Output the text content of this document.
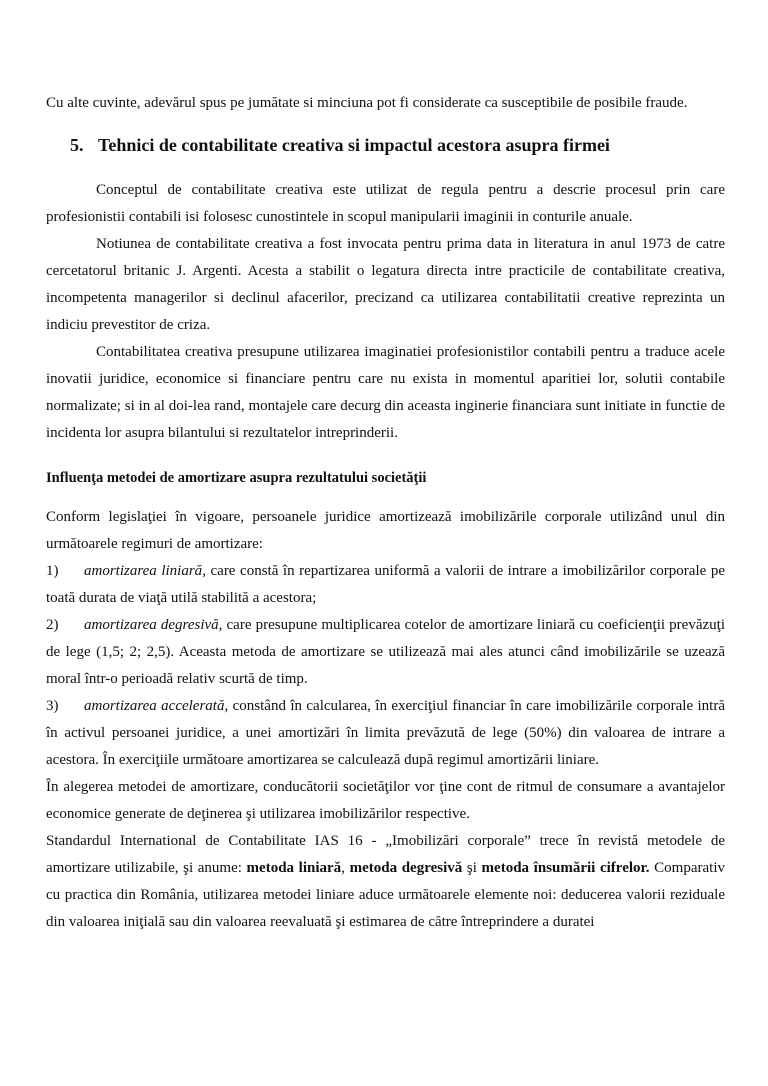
Cu alte cuvinte, adevărul spus pe jumătate si minciuna pot fi considerate ca susceptibile de posibile fraude.

5. Tehnici de contabilitate creativa si impactul acestora asupra firmei

Conceptul de contabilitate creativa este utilizat de regula pentru a descrie procesul prin care profesionistii contabili isi folosesc cunostintele in scopul manipularii imaginii in conturile anuale.

Notiunea de contabilitate creativa a fost invocata pentru prima data in literatura in anul 1973 de catre cercetatorul britanic J. Argenti. Acesta a stabilit o legatura directa intre practicile de contabilitate creativa, incompetenta managerilor si declinul afacerilor, precizand ca utilizarea contabilitatii creative reprezinta un indiciu prevestitor de criza.

Contabilitatea creativa presupune utilizarea imaginatiei profesionistilor contabili pentru a traduce acele inovatii juridice, economice si financiare pentru care nu exista in momentul aparitiei lor, solutii contabile normalizate; si in al doi-lea rand, montajele care decurg din aceasta inginerie financiara sunt initiate in functie de incidenta lor asupra bilantului si rezultatelor intreprinderii.

Influenţa metodei de amortizare asupra rezultatului societăţii

Conform legislaţiei în vigoare, persoanele juridice amortizează imobilizările corporale utilizând unul din următoarele regimuri de amortizare:

1) amortizarea liniară, care constă în repartizarea uniformă a valorii de intrare a imobilizărilor corporale pe toată durata de viaţă utilă stabilită a acestora;

2) amortizarea degresivă, care presupune multiplicarea cotelor de amortizare liniară cu coeficienţii prevăzuţi de lege (1,5; 2; 2,5). Aceasta metoda de amortizare se utilizează mai ales atunci când imobilizările se uzează moral într-o perioadă relativ scurtă de timp.

3) amortizarea accelerată, constând în calcularea, în exerciţiul financiar în care imobilizările corporale intră în activul persoanei juridice, a unei amortizări în limita prevăzută de lege (50%) din valoarea de intrare a acestora. În exerciţiile următoare amortizarea se calculează după regimul amortizării liniare.

În alegerea metodei de amortizare, conducătorii societăţilor vor ţine cont de ritmul de consumare a avantajelor economice generate de deţinerea şi utilizarea imobilizărilor respective.

Standardul International de Contabilitate IAS 16 - „Imobilizări corporale” trece în revistă metodele de amortizare utilizabile, şi anume: metoda liniară, metoda degresivă şi metoda însumării cifrelor. Comparativ cu practica din România, utilizarea metodei liniare aduce următoarele elemente noi: deducerea valorii reziduale din valoarea iniţială sau din valoarea reevaluată şi estimarea de către întreprindere a duratei
